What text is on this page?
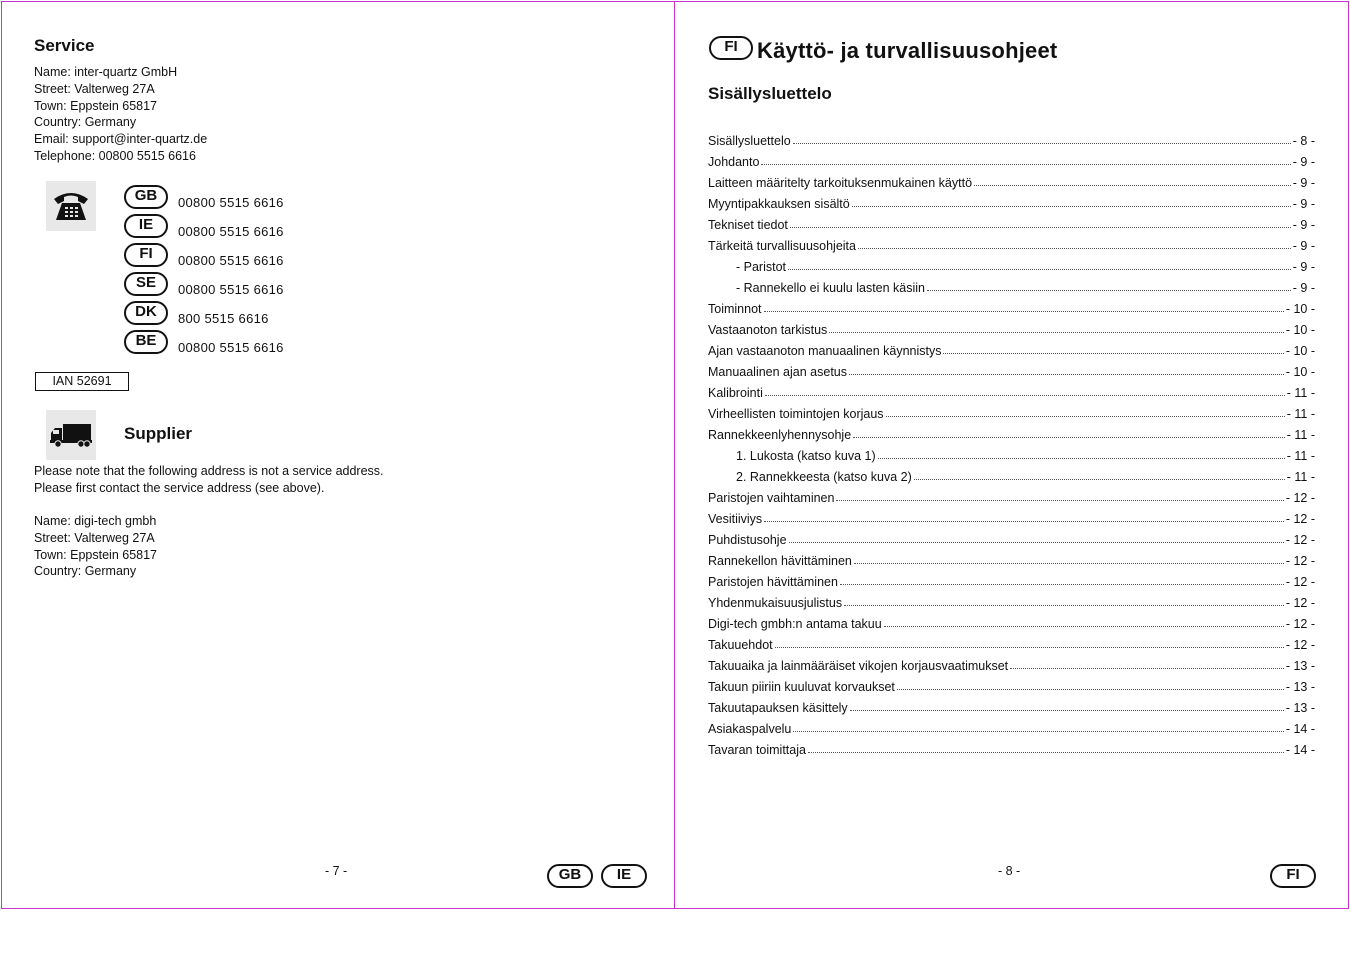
Service
Name: inter-quartz GmbH
Street: Valterweg 27A
Town: Eppstein 65817
Country: Germany
Email: support@inter-quartz.de
Telephone: 00800 5515 6616
GB	00800 5515 6616
IE	00800 5515 6616
FI	00800 5515 6616
SE	00800 5515 6616
DK	800 5515 6616
BE	00800 5515 6616
IAN 52691
Supplier
Please note that the following address is not a service address.
Please first contact the service address (see above).
Name: digi-tech gmbh
Street: Valterweg 27A
Town: Eppstein 65817
Country: Germany
- 7 -	GB	IE
FI Käyttö- ja turvallisuusohjeet
Sisällysluettelo
Sisällysluettelo	- 8 -
Johdanto	- 9 -
Laitteen määritelty tarkoituksenmukainen käyttö	- 9 -
Myyntipakkauksen sisältö	- 9 -
Tekniset tiedot	- 9 -
Tärkeitä turvallisuusohjeita	- 9 -
- Paristot	- 9 -
- Rannekello ei kuulu lasten käsiin	- 9 -
Toiminnot	- 10 -
Vastaanoton tarkistus	- 10 -
Ajan vastaanoton manuaalinen käynnistys	- 10 -
Manuaalinen ajan asetus	- 10 -
Kalibrointi	- 11 -
Virheellisten toimintojen korjaus	- 11 -
Rannekkeenlyhennysohje	- 11 -
1. Lukosta (katso kuva 1)	- 11 -
2. Rannekkeesta (katso kuva 2)	- 11 -
Paristojen vaihtaminen	- 12 -
Vesitiiviys	- 12 -
Puhdistusohje	- 12 -
Rannekellon hävittäminen	- 12 -
Paristojen hävittäminen	- 12 -
Yhdenmukaisuusjulistus	- 12 -
Digi-tech gmbh:n antama takuu	- 12 -
Takuuehdot	- 12 -
Takuuaika ja lainmääräiset vikojen korjausvaatimukset	- 13 -
Takuun piiriin kuuluvat korvaukset	- 13 -
Takuutapauksen käsittely	- 13 -
Asiakaspalvelu	- 14 -
Tavaran toimittaja	- 14 -
- 8 -	FI
